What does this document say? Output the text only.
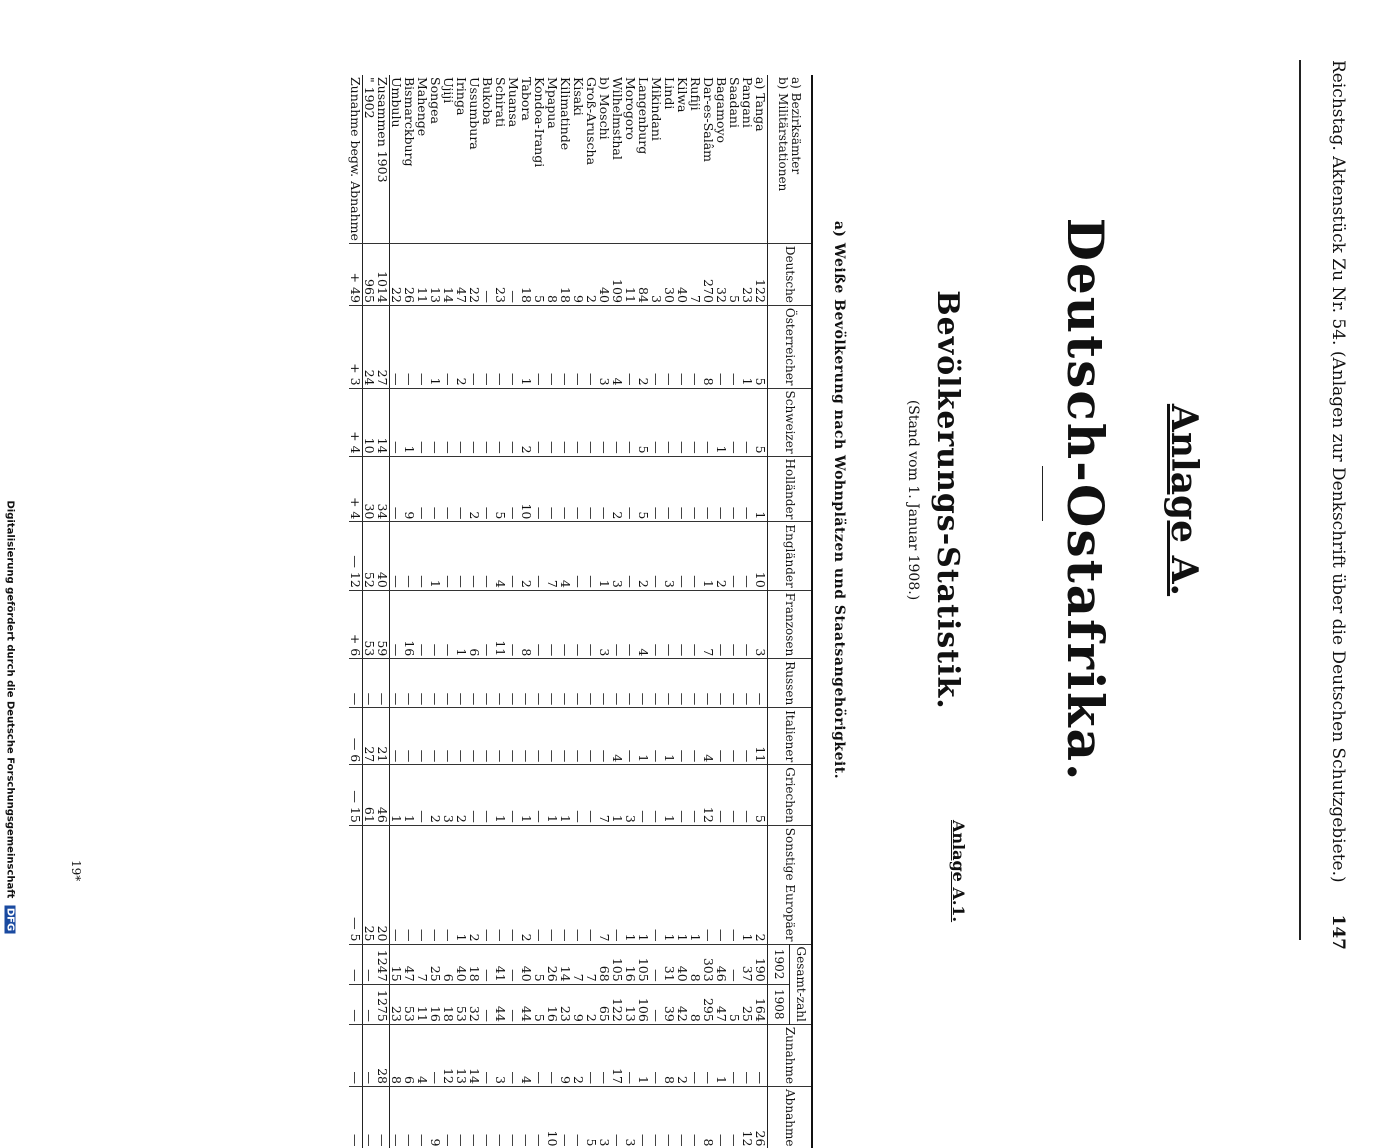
Reichstag. Aktenstück Zu Nr. 54. (Anlagen zur Denkschrift über die Deutschen Schutzgebiete.)
147
Anlage A.
Deutsch-Ostafrika.
Anlage A.1.
Bevölkerungs-Statistik.
(Stand vom 1. Januar 1908.)
a) Weiße Bevölkerung nach Wohnplätzen und Staatsangehörigkeit.
a) Bezirksämter
b) Militärstationen	Deutsche	Österreicher	Schweizer	Holländer	Engländer	Franzosen	Russen	Italiener	Griechen	Sonstige Europäer	Gesamt-zahl		Zunahme	Abnahme
											1902	1908		
a) Tanga	122	5	5	1	10	3	—	11	5	2	190	164	—	26
Pangani	23	1	—	—	—	—	—	—	—	1	37	25	—	12
Saadani	5	—	—	—	—	—	—	—	—	—	—	5	—	—
Bagamoyo	32	—	1	—	2	—	—	—	—	—	46	47	1	—
Dar-es-Salâm	270	8	—	—	1	7	—	4	12	—	303	295	—	8
Rufiji	7	—	—	—	—	—	—	—	—	1	8	8	—	—
Kilwa	40	—	—	—	—	—	—	—	—	1	40	42	2	—
Lindi	30	—	—	—	3	—	—	1	1	1	31	39	8	—
Mikindani	3	—	—	—	—	—	—	—	—	—	—	—	—	—
Langenburg	84	2	5	5	2	4	—	1	—	1	105	106	1	—
Morogoro	11	—	—	—	—	—	—	—	3	1	16	13	—	3
Wilhelmsthal	109	4	—	2	3	—	—	4	1	—	105	122	17	—
b) Moschi	40	3	—	—	1	3	—	—	7	7	68	65	—	3
Groß-Aruscha	2	—	—	—	—	—	—	—	—	—	7	2	—	5
Kisaki	9	—	—	—	—	—	—	—	—	—	7	9	2	—
Kilimatinde	18	—	—	—	4	—	—	—	1	—	14	23	9	—
Mpapua	8	—	—	—	7	—	—	—	1	—	26	16	—	10
Kondoa-Irangi	5	—	—	—	—	—	—	—	—	—	5	5	—	—
Tabora	18	1	2	10	2	8	—	—	1	2	40	44	4	—
Muansa	—	—	—	—	—	—	—	—	—	—	—	—	—	—
Schirati	23	—	—	5	4	11	—	—	1	—	41	44	3	—
Bukoba	—	—	—	—	—	—	—	—	—	—	—	—	—	—
Ussumbura	22	—	—	2	—	6	—	—	—	2	18	32	14	—
Iringa	47	2	—	—	—	1	—	—	2	1	40	53	13	—
Ujiji	14	—	—	—	—	—	—	—	3	—	6	18	12	—
Songea	13	1	—	—	1	—	—	—	2	—	25	16	—	9
Mahenge	11	—	—	—	—	—	—	—	—	—	7	11	4	—
Bismarckburg	26	—	1	9	—	16	—	—	1	—	47	53	6	—
Umbulu	22	—	—	—	—	—	—	—	1	—	15	23	8	—
Zusammen 1903	1014	27	14	34	40	59	—	21	46	20	1247	1275	28	—
" 1902	965	24	10	30	52	53	—	27	61	25	—	—	—	—
Zunahme begw. Abnahme	+ 49	+ 3	+ 4	+ 4	— 12	+ 6	—	— 6	— 15	— 5	—	—	—	—
19*
Digitalisierung gefördert durch die Deutsche Forschungsgemeinschaft DFG
